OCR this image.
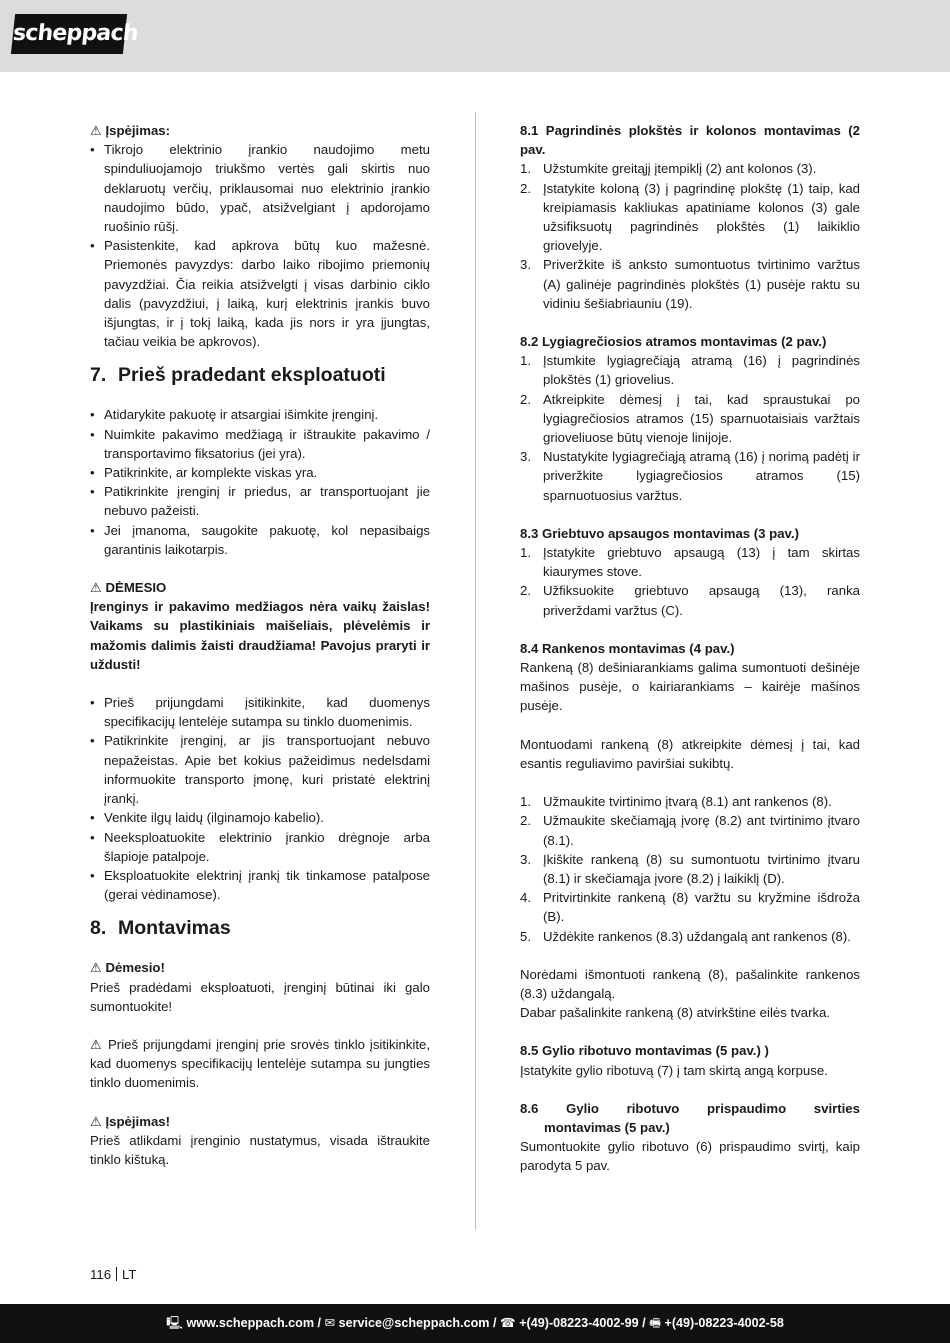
scheppach

⚠ Įspėjimas:

• Tikrojo elektrinio įrankio naudojimo metu spinduliuojamojo triukšmo vertės gali skirtis nuo deklaruotų verčių, priklausomai nuo elektrinio įrankio naudojimo būdo, ypač, atsižvelgiant į apdorojamo ruošinio rūšį.
• Pasistenkite, kad apkrova būtų kuo mažesnė. Priemonės pavyzdys: darbo laiko ribojimo priemonių pavyzdžiai. Čia reikia atsižvelgti į visas darbinio ciklo dalis (pavyzdžiui, į laiką, kurį elektrinis įrankis buvo išjungtas, ir į tokį laiką, kada jis nors ir yra įjungtas, tačiau veikia be apkrovos).
7. Prieš pradedant eksploatuoti
• Atidarykite pakuotę ir atsargiai išimkite įrenginį.
• Nuimkite pakavimo medžiagą ir ištraukite pakavimo / transportavimo fiksatorius (jei yra).
• Patikrinkite, ar komplekte viskas yra.
• Patikrinkite įrenginį ir priedus, ar transportuojant jie nebuvo pažeisti.
• Jei įmanoma, saugokite pakuotę, kol nepasibaigs garantinis laikotarpis.

⚠ DĖMESIO

Įrenginys ir pakavimo medžiagos nėra vaikų žaislas! Vaikams su plastikiniais maišeliais, plėvelėmis ir mažomis dalimis žaisti draudžiama! Pavojus praryti ir uždusti!

• Prieš prijungdami įsitikinkite, kad duomenys specifikacijų lentelėje sutampa su tinklo duomenimis.
• Patikrinkite įrenginį, ar jis transportuojant nebuvo nepažeistas. Apie bet kokius pažeidimus nedelsdami informuokite transporto įmonę, kuri pristatė elektrinį įrankį.
• Venkite ilgų laidų (ilginamojo kabelio).
• Neeksploatuokite elektrinio įrankio drėgnoje arba šlapioje patalpoje.
• Eksploatuokite elektrinį įrankį tik tinkamose patalpose (gerai vėdinamose).
8. Montavimas

⚠ Dėmesio!

Prieš pradėdami eksploatuoti, įrenginį būtinai iki galo sumontuokite!

⚠ Prieš prijungdami įrenginį prie srovės tinklo įsitikinkite, kad duomenys specifikacijų lentelėje sutampa su jungties tinklo duomenimis.

⚠ Įspėjimas!

Prieš atlikdami įrenginio nustatymus, visada ištraukite tinklo kištuką.

8.1 Pagrindinės plokštės ir kolonos montavimas (2 pav.

1. Užstumkite greitąjį įtempiklį (2) ant kolonos (3).
2. Įstatykite koloną (3) į pagrindinę plokštę (1) taip, kad kreipiamasis kakliukas apatiniame kolonos (3) gale užsifiksuotų pagrindinės plokštės (1) laikiklio griovelyje.
3. Priveržkite iš anksto sumontuotus tvirtinimo varžtus (A) galinėje pagrindinės plokštės (1) pusėje raktu su vidiniu šešiabriauniu (19).

8.2 Lygiagrečiosios atramos montavimas (2 pav.)

1. Įstumkite lygiagrečiąją atramą (16) į pagrindinės plokštės (1) griovelius.
2. Atkreipkite dėmesį į tai, kad spraustukai po lygiagrečiosios atramos (15) sparnuotaisiais varžtais grioveliuose būtų vienoje linijoje.
3. Nustatykite lygiagrečiąją atramą (16) į norimą padėtį ir priveržkite lygiagrečiosios atramos (15) sparnuotuosius varžtus.

8.3 Griebtuvo apsaugos montavimas (3 pav.)

1. Įstatykite griebtuvo apsaugą (13) į tam skirtas kiaurymes stove.
2. Užfiksuokite griebtuvo apsaugą (13), ranka priverždami varžtus (C).

8.4 Rankenos montavimas (4 pav.)

Rankeną (8) dešiniarankiams galima sumontuoti dešinėje mašinos pusėje, o kairiarankiams – kairėje mašinos pusėje.

Montuodami rankeną (8) atkreipkite dėmesį į tai, kad esantis reguliavimo paviršiai sukibtų.

1. Užmaukite tvirtinimo įtvarą (8.1) ant rankenos (8).
2. Užmaukite skečiamąją įvorę (8.2) ant tvirtinimo įtvaro (8.1).
3. Įkiškite rankeną (8) su sumontuotu tvirtinimo įtvaru (8.1) ir skečiamąja įvore (8.2) į laikiklį (D).
4. Pritvirtinkite rankeną (8) varžtu su kryžmine išdroža (B).
5. Uždėkite rankenos (8.3) uždangalą ant rankenos (8).

Norėdami išmontuoti rankeną (8), pašalinkite rankenos (8.3) uždangalą.

Dabar pašalinkite rankeną (8) atvirkštine eilės tvarka.

8.5 Gylio ribotuvo montavimas (5 pav.) )

Įstatykite gylio ribotuvą (7) į tam skirtą angą korpuse.

8.6 Gylio ribotuvo prispaudimo svirties

montavimas (5 pav.)

Sumontuokite gylio ribotuvo (6) prispaudimo svirtį, kaip parodyta 5 pav.

116 LT
🖳 www.scheppach.com / ✉ service@scheppach.com / ☎ +(49)-08223-4002-99 / 🖷 +(49)-08223-4002-58
